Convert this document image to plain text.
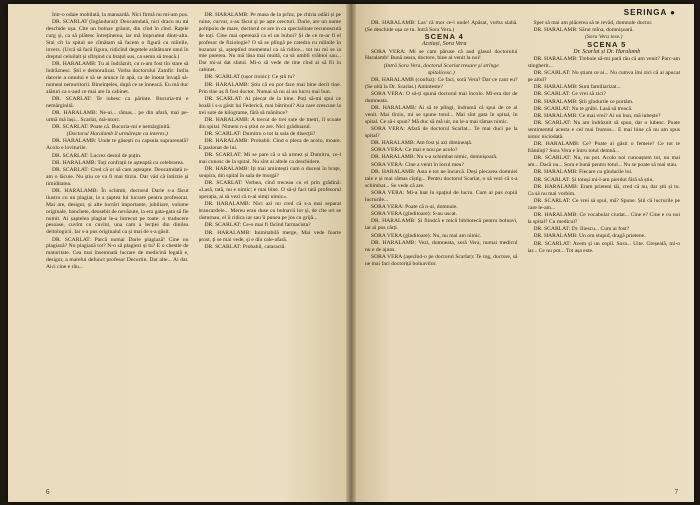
Intr-o odaie mobilată, la mansardă. Nici firmă nu mi-am pus.

DR. SCARLAT (îngândurat): Deocamdată, nici dracu nu mi deschide ușa. Cîte un bolnav grăunt, din cînd în cînd. Rațele curg și, ca să plătesc întreținerea, iar mă împrumut dintr-alta. Stai cît la spital ne cîmătam să facem o figură cu mîinile, invers. (Urcă să facă figura, ridicînd degetele arătătoare unul în dreptul celuilalt și sfîrșind cu brațul sus, ca semn să treacă.)

DR. HARALAMB: Tu ai îndrăznit, cu n-am fost tîn stare să îndrăznesc. Știi e demoralizat. Vorba doctorului Zamfir: Intîia datorie a omului e să se arunce în apă, ca de înotat învață să-numeai nemuritorii. Bineînțeles, după ce se înneacă. Eu mă duc alături ca s-aud ce mai are în cabinet.

DR. SCARLAT: Te iubesc ca părinte. Bucuria-mi e nemărginită.

DR. HARALAMB: Ne-ai... rămas... pe din afară, mai pe-urmă mă lași... Scarlat, mă-ntorc.

DR. SCARLAT: Poate că. Bucuria-mi e nemărginită.

(Doctorul Haralamb îl urmărește cu interes.)

DR. HARALAMB: Unde te găsești cu capsula suprarenală? Acolo e loviturile.

DR. SCARLAT: Lucrez destul de puțin.

DR. HARALAMB: Toți confrații te așteaptă cu celebrarea.

DR. SCARLAT: Cred că or să cam așteapte. Deocamdată n-am o lăcuie. Nu știu ce va fi mai tîrziu. Dar văd că întîrzie și timiditatea.

DR. HARALAMB: În schimb, doctorul Darie s-a făcut ilustru cu un plagiat, la a șaptea lui lucrare pentru profesorat. Mai are, desigur, și alte lucrări importante, jubiliare, volume originale, banchete, deosebit de nevăzute, la era gata-gata să fie numit. Ai șaptelea plagiat le-a întrecut pe toate: o traducere pesoase, cuvînt cu cuvînt, una cam a lecției din dinilea deltologicii. Iar s-a pus originalul ca și mai de s-a găsit.

DR. SCARLAT: Parcă numai Darie plagiază! Cine nu plagiază? Nu plagiază tot? N-o să plagiezi și tu? E o chestie de maturitate. Cea mai însemnată lucrare de medicină legală e, desigur, a marelui defunct profesor Decurtin. Dar alte... Ai dat. Aici cine e rău...

DR. HARALAMB: Pe masa de la prînz, pe chiria odăii și pe ruine, curvar, s-au făcut și pe aște orecturi. Darie, are un nume poltipoiu de mare, doctorul ce are in ca specialitate recunoscută de toți. Cine mai operează ca el un buboi? Și de ce m-ar fi el profesor de fiziologie? O să se plîngă pe catedra cu mîinile în buzunar și, așteptînd momentul ca să ridice... tot nu mi se ia mie puterea. Nu mă lăsa mai multă, ca să umbli vrăbioi sau... Dar mi-ai dat sfatul. Mi-o să vede de tine cînd ai să fii în cabinet.

DR. SCARLAT (ușor ironic): Ce știi tu?

DR. HARALAMB: Știu că eu pot face mai bine decît tine. Prin tine aș fi fost doctor. Numai să nu ai un lucru mai bun.

DR. SCARLAT: Ai plecat de la bine. Poți să-mi spui ce boală i s-a găsit lui Federică, mai bătrînul? Aia care crescuse la trei sute de kilograme, fără să mănînce?

DR. HARALAMB: A trecut de trei sute de metri, îl scoate din spital. Nimeni n-a știut ce are. Nici grădinarul.

DR. SCARLAT: Dumitru o tot la sala de disecții?

DR. HARALAMB: Probabil. Cînd o pleca de acolo, moare. E pasionat de lui.

DR. SCARLAT: Mi se pare că o să urmez și Dumitru, ce-l mai cunosc de la spital. Nu sînt ai altele ca deschidere.

DR. HARALAMB: Iți mai amintești cum o duceai în brațe, soupira, din spital în sala de morgă?

DR. SCARLAT: Vorbea, cînd treceau cu el prin grădină: «Lasă, tată, nu e nimic; e mai bine. O să-ți faci tată profesorul operația, ai să vezi că n-ai simți nimic».

DR. HARALAMB: Nici azi nu cred că s-a mai separat brancardele... Mereu erau duse cu bolnavii lor și, de cîte ori se răsturnau, el îi ridica iar sau îi punea pe jos cu grijă...

DR. SCARLAT: Ce-o mai fi făcînd farmacista?

DR. HARALAMB: Inimitabilă merge, Mai vede foarte prost, ți se mai vede, și e din cale-afară.

DR. SCARLAT: Probabil, cataractă.

6
SERINGA ●

DR. HARALAMB: Las' că mor ce-l unde! Apăsat, vorba slabă. (Se deschide ușa ce tu. Intră Sora Vera.)

SCENA 4

Aceiași, Sora Vera

SORA VERA: Mi se cam păruse că aud glasul doctorului Haralamb! Bună seara, doctore, bine ai venit la noi!

(Intră Sora Vera, doctorul Scarlat tresare și strînge spitalicesc.)

DR. HARALAMB (confuz): Ce faci, soră Vera? Dar ce caut eu? (Se uită la Dr. Scarlat.) Aminteste?

SORA VERA: O să-ți spună doctorul mai încolo. Mi-era dor de dumneata.

DR. HARALAMB: Ai să te plîngi, îndrumă că spui de ce ai venit. Mai tîrziu, mi se spune totul... Mai sînt gata în spital, în spital. Ce să-i spun? Mă duc să mă uit, nu le-a mai rămas nimic.

SORA VERA: Afară de doctorul Scarlat... Te mai duci pe la spital?

DR. HARALAMB: Am fost și azi dimineață.

SORA VERA: Ce mai e nou pe acolo?

DR. HARALAMB: Nu s-a schimbat nimic, domnișoară.

SORA VERA: Cine a venit în locul meu?

DR. HARALAMB: Asta e tot ne încurcă. Deși plecarea domniei tale e și mai rămas cîștig... Pentru doctorul Scarlat, o să vezi că s-a schimbat... Se vede că are.

SORA VERA: Mi-a luat în spațiul de lucru. Cum ai pus copiii lucrurile...

SORA VERA: Poate că n-ai, domnule.

SORA VERA (gînditoare): S-au uscat.

DR. HARALAMB: Și fiindcă e mică bibliotecă pentru bolnavi, iar ai pus cărți.

SORA VERA (gînditoare): Nu, nu mai am nimic.

DR. HARALAMB: Vezi, dumneata, soră Vera, numai medicul nu e de ajuns.

SORA VERA (așezînd-o pe doctorul Scarlat): Te rog, doctore, să ne mai faci doctoriță bolnavilor.

Sper să mai am plăcerea să te revăd, domnule doctor.

DR. HARALAMB: Sărut mîna, domnișoară.

(Sora Vera iese.)

SCENA 5

Dr. Scarlat și Dr. Haralamb

DR. HARALAMB: Trebuie să-mi pară rău că am venit? Parc-am stingherit...

DR. SCARLAT: Nu știam ce ai... Nu cumva îmi zici că ai apucat pe altul?

DR. HARALAMB: Sunt familiarizat...

DR. SCARLAT: Ce vrei să zici?

DR. HARALAMB: Știi gîndurile ce purtăm.

DR. SCARLAT: Nu te grăbi. Lasă să treacă.

DR. HARALAMB: Ce mai vrei? Ai un bun, mă iubește?

DR. SCARLAT: Nu am îndrăznit să spun, dar o iubesc. Poate sentimentul acesta e cel mai frumos... E mai bine că nu am spus nimic niciodată.

DR. HARALAMB: Ce? Poate ai găsit o femeie? Ce tot te frămînți? Sora Vera e întru totul demnă...

DR. SCARLAT: Nu, nu pot. Acolo noi cunoaștem tot, nu mai am... Dacă nu... Sora e bună pentru totul... Nu se poate să mai stau.

DR. HARALAMB: Fiecare cu gîndurile lui.

DR. SCARLAT: Și totuși mi-l-am pierdut fără să știu.

DR. HARALAMB: Eram prieteni tăi, cred că nu, dar știi și tu. Ca să nu mai vorbim.

DR. SCARLAT: Ce vrei să spui, mă? Spune. Știi că lucrurile pe care le-am...

DR. HARALAMB: Ce vocabular ciudat... Cine e? Cine e cu noi la spital? Cu medicul?

DR. SCARLAT: Dr. Iliescu... Cum ai fost?

DR. HARALAMB: Un om stupid, dragă prietene.

DR. SCARLAT: Avem și un copil. Sora... Uite. Greșeală, mi-o iar... Ce nu pot... Tot așa este.

7
